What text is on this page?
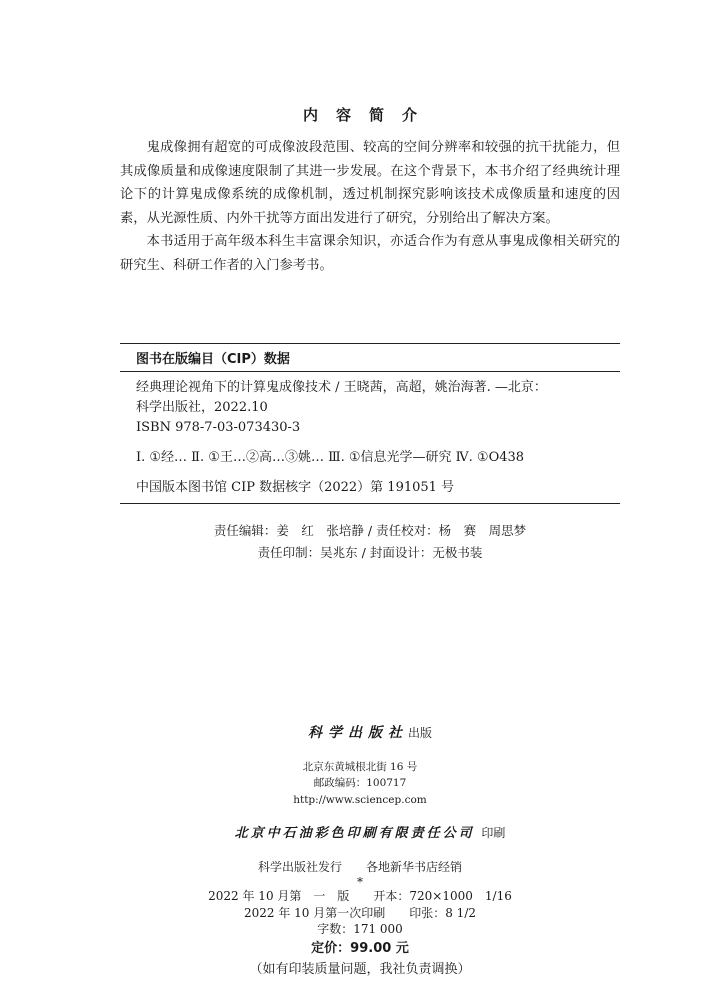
内容简介

鬼成像拥有超宽的可成像波段范围、较高的空间分辨率和较强的抗干扰能力，但其成像质量和成像速度限制了其进一步发展。在这个背景下，本书介绍了经典统计理论下的计算鬼成像系统的成像机制，透过机制探究影响该技术成像质量和速度的因素，从光源性质、内外干扰等方面出发进行了研究，分别给出了解决方案。

本书适用于高年级本科生丰富课余知识，亦适合作为有意从事鬼成像相关研究的研究生、科研工作者的入门参考书。

图书在版编目（CIP）数据
经典理论视角下的计算鬼成像技术 / 王晓茜，高超，姚治海著. —北京：
科学出版社，2022.10
ISBN 978-7-03-073430-3
Ⅰ. ①经… Ⅱ. ①王…②高…③姚… Ⅲ. ①信息光学—研究 Ⅳ. ①O438
中国版本图书馆 CIP 数据核字（2022）第 191051 号
责任编辑：姜　红　张培静 / 责任校对：杨　赛　周思梦
责任印制：吴兆东 / 封面设计：无极书装

科学出版社出版

北京东黄城根北街 16 号
邮政编码：100717
http://www.sciencep.com

北京中石油彩色印刷有限责任公司 印刷

科学出版社发行　　各地新华书店经销
*
2022 年 10 月第　一　版　　开本：720×1000　1/16
2022 年 10 月第一次印刷　　印张：8 1/2
字数：171 000
定价：99.00 元
（如有印装质量问题，我社负责调换）
